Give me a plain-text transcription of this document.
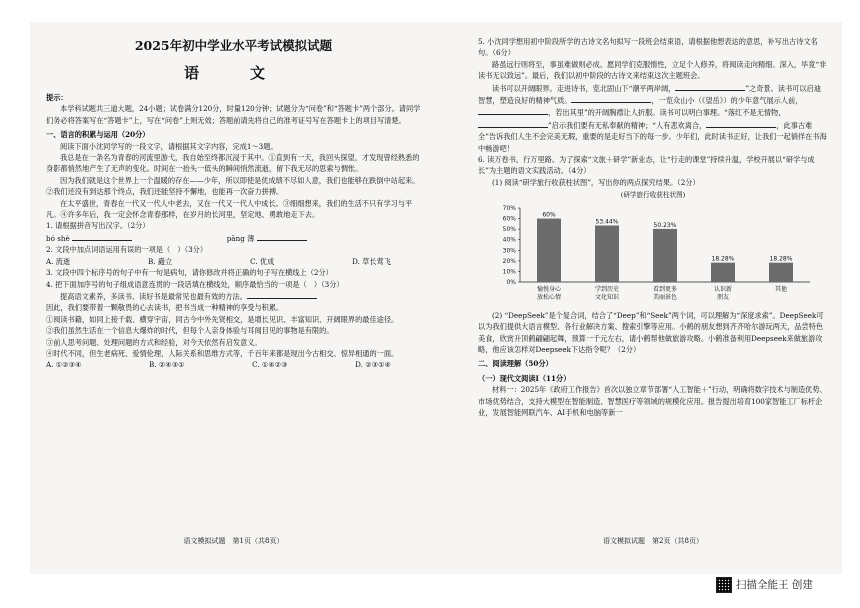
2025年初中学业水平考试模拟试题
语　文

提示：

本学科试题共三道大题，24小题；试卷满分120分，时量120分钟；试题分为“问卷”和“答题卡”两个部分。请同学们务必将答案写在“答题卡”上，写在“问卷”上则无效；答题前请先将自己的准考证号写在答题卡上的项目写清楚。

一、语言的积累与运用（20分）

阅读下面小沈同学写的一段文字，请根据其文字内容，完成1～3题。

我总是在一条名为青春的河流里游弋，我自始至终都沉浸于其中。①直到有一天，我回头探望，才发现曾经熟悉的身影都悄然地产生了无声的变化。时间在一抬头一低头的瞬间悄然流逝，留下我无尽的思索与惆怅。

因为我们就是这个世界上一个温暖的存在——少年，所以即使是优成绩不尽如人意，我们也能够在跌倒中站起来。②我们还没有到达那个终点，我们还能坚持不懈地，也能再一次奋力拼搏。

在太平盛世，青春在一代又一代人中老去，又在一代又一代人中成长。③细细想来，我们的生活不只有学习与平凡。④许多年后，我一定会怀念青春那样，在岁月的长河里，坚定地、勇敢地走下去。

1. 请根据拼音写出汉字。（2分）

bó shè	pāng 薄

2. 文段中加点词语运用有误的一项是（　）（3分）

A. 流逝	B. 矗立	C. 优成	D. 草长莺飞

3. 文段中四个标序号的句子中有一句是病句，请你修改并将正确的句子写在横线上（2分）

4. 把下面加序号的句子组成语意连贯的一段话填在横线处，顺序最恰当的一项是（　）（3分）

提高语文素养，多读书、读好书是最常见也最有效的方法。

因此，我们要带着一颗敬畏的心去读书，把书当成一种精神的享受与积累。

①阅读书籍，如同上接千载、横穿宇宙，同古今中外先贤相交，是增长见识、丰富知识、开阔眼界的最佳途径。

②我们虽然生活在一个信息大爆炸的时代，但每个人亲身体验与耳闻目见的事物是有限的。

③前人思考问题、处理问题的方式和经验，对今天依然有启发意义。

④时代不同，但生老病死、爱情伦理、人际关系和思维方式等，千百年来都是现出今古相交、惊异相通的一面。

A. ①②③④	B. ②④③①	C. ①④②③	D. ②③①④
语文模拟试题　第1页（共8页）

5. 小沈同学想用初中阶段所学的古诗文名句拟写一段班会结束语，请根据他想表达的意思，补写出古诗文名句。（6分）

路虽远行则将至，事虽难做则必成。愿同学们克服惰性，立足个人修养，将阅读走向精细、深入，毕竟“非读书无以致远”。最后，我们以初中阶段的古诗文来结束这次主题班会。

读书可以开阔眼界。走进诗书，览北固山下“潮平两岸阔，	”之奇景。读书可以启迪智慧，塑造良好的精神气质。	，一览众山小（《望岳》）的少年意气展示人前，，若出其里”的开阔胸襟让人折服。读书可以明白事理。“落红不是无情物，”启示我们要有无私奉献的精神；“人有悲欢离合，	，此事古难全”告诉我们人生不会完美无瑕，重要的是走好当下的每一步。少年们，此时读书正好，让我们一起徜徉在书海中畅游吧！

6. 读万卷书，行万里路。为了探索“文旅＋研学”新业态，让“行走的课堂”持续升温，学校开展以“研学与成长”为主题的语文实践活动。（4分）

(1) 阅读“研学旅行收获柱状图”，写出你的两点探究结果。（2分）

(研学旅行收获柱状图)

0%
10%
20%
30%
40%
50%
60%
70%
60%
愉悦身心
放松心情
53.44%
学到历史
文化知识
50.23%
看到更多
美丽景色
18.28%
认识新
朋友
18.28%
其他

(2) “DeepSeek”是个复合词，结合了“Deep”和“Seek”两个词，可以理解为“深度求索”。DeepSeek可以为我们提供大语言模型、各行业解决方案、搜索引擎等应用。小鹤的朋友想到齐齐哈尔游玩两天，品尝特色美食，欣赏升顶鹤翩翩起舞，预算一千元左右，请小鹤帮他做旅游攻略。小鹤准备利用Deepseek来做旅游攻略，他应该怎样对Deepseek下达指令呢？（2分）

二、阅读理解（50分）

（一）现代文阅读Ⅰ（11分）

材料一：2025年《政府工作报告》首次以独立章节部署“人工智能＋”行动，明确将数字技术与制造优势、市场优势结合，支持大模型在智能制造、智慧医疗等领域的规模化应用。报告提出培育100家智能工厂标杆企业，发展智能网联汽车、AI手机和电脑等新一

语文模拟试题　第2页（共8页）
扫描全能王 创建
